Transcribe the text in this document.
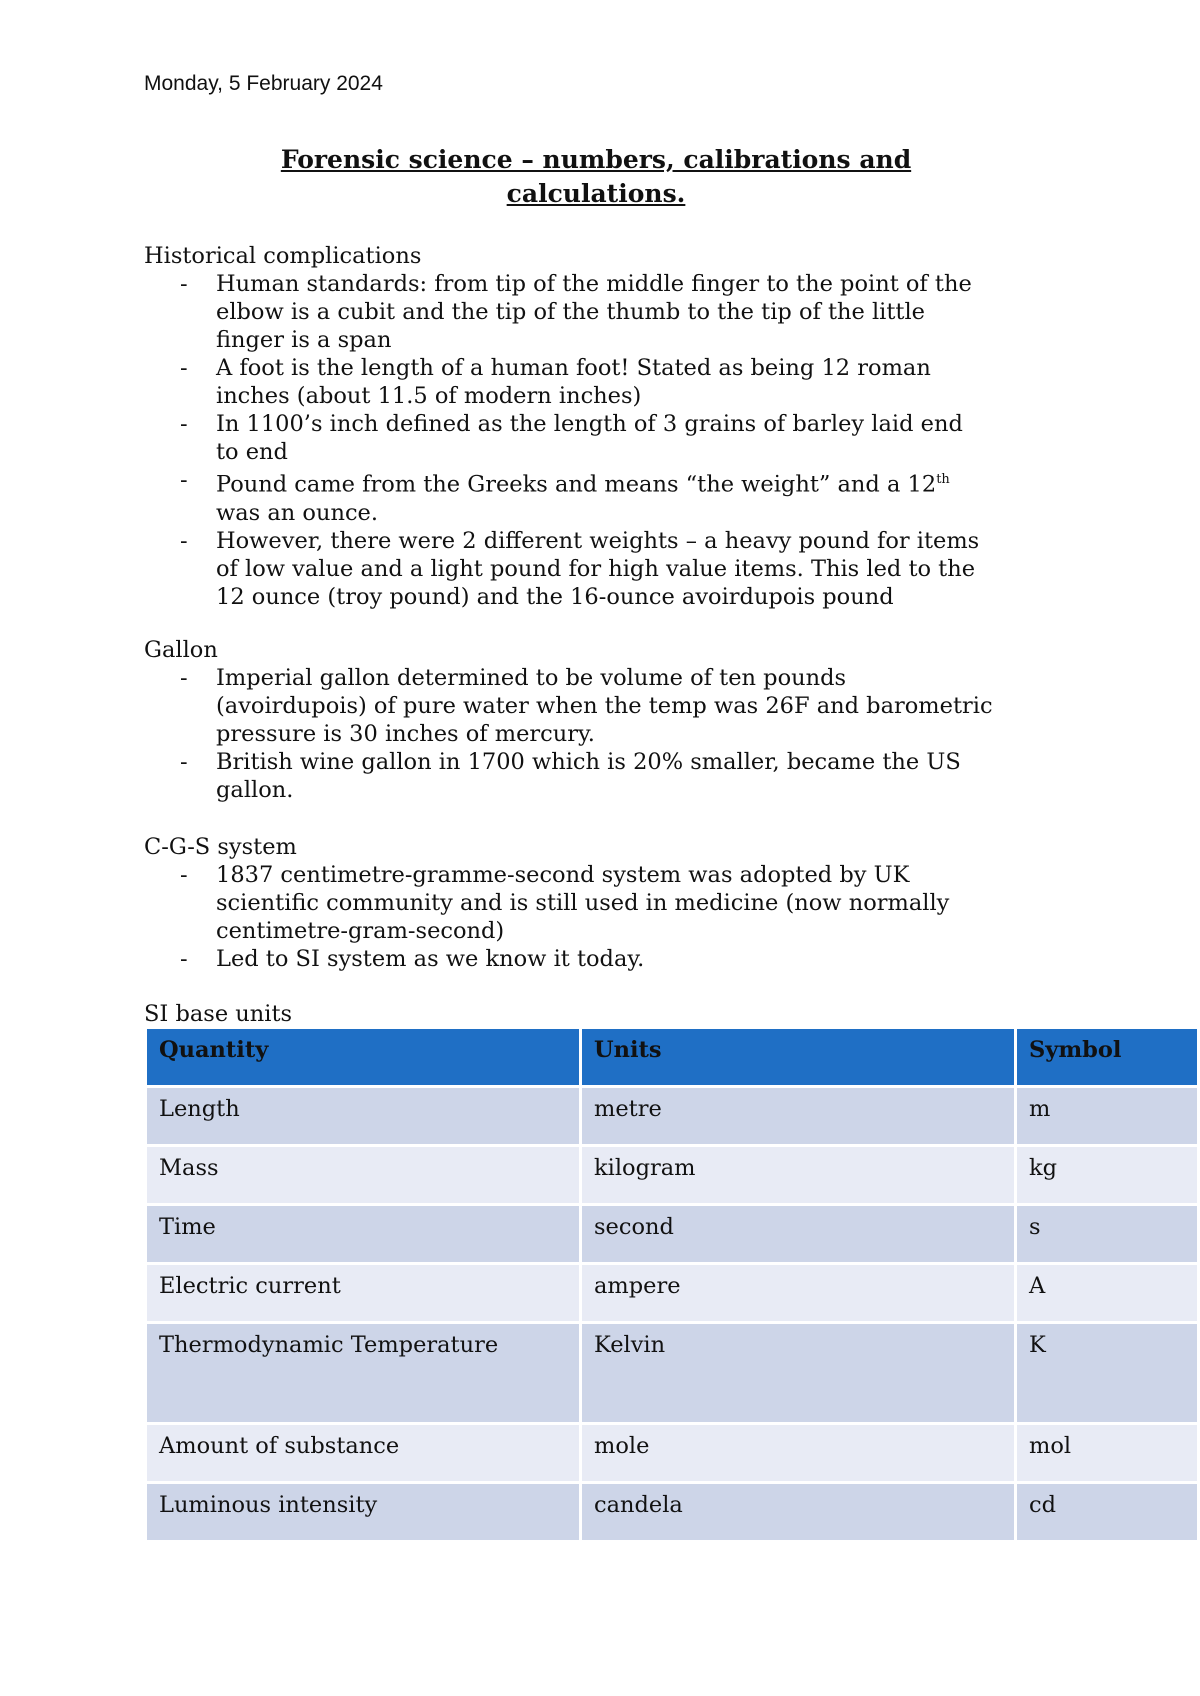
Monday, 5 February 2024
Forensic science – numbers, calibrations and
calculations.
Historical complications
- Human standards: from tip of the middle finger to the point of the
elbow is a cubit and the tip of the thumb to the tip of the little
finger is a span
- A foot is the length of a human foot! Stated as being 12 roman
inches (about 11.5 of modern inches)
- In 1100’s inch defined as the length of 3 grains of barley laid end
to end
- Pound came from the Greeks and means “the weight” and a 12th
was an ounce.
- However, there were 2 different weights – a heavy pound for items
of low value and a light pound for high value items. This led to the
12 ounce (troy pound) and the 16-ounce avoirdupois pound
Gallon
- Imperial gallon determined to be volume of ten pounds
(avoirdupois) of pure water when the temp was 26F and barometric
pressure is 30 inches of mercury.
- British wine gallon in 1700 which is 20% smaller, became the US
gallon.
C-G-S system
- 1837 centimetre-gramme-second system was adopted by UK
scientific community and is still used in medicine (now normally
centimetre-gram-second)
- Led to SI system as we know it today.
SI base units
Quantity	Units	Symbol
Length	metre	m
Mass	kilogram	kg
Time	second	s
Electric current	ampere	A
Thermodynamic Temperature	Kelvin	K
Amount of substance	mole	mol
Luminous intensity	candela	cd
